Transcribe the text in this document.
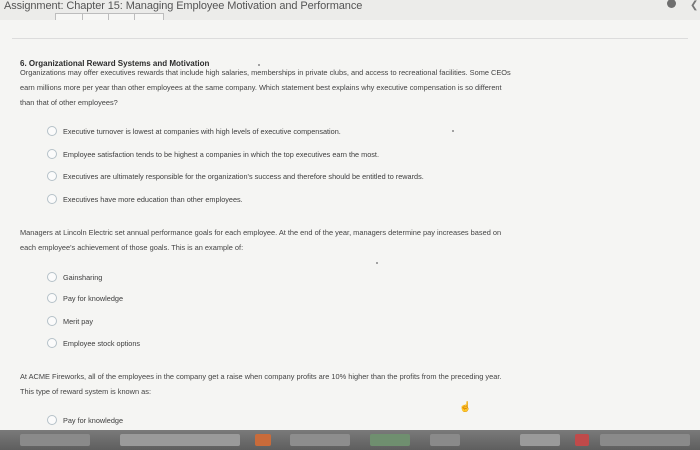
Assignment: Chapter 15: Managing Employee Motivation and Performance	❮
6. Organizational Reward Systems and Motivation
Organizations may offer executives rewards that include high salaries, memberships in private clubs, and access to recreational facilities. Some CEOs
earn millions more per year than other employees at the same company. Which statement best explains why executive compensation is so different
than that of other employees?
Executive turnover is lowest at companies with high levels of executive compensation.
Employee satisfaction tends to be highest a companies in which the top executives earn the most.
Executives are ultimately responsible for the organization's success and therefore should be entitled to rewards.
Executives have more education than other employees.
Managers at Lincoln Electric set annual performance goals for each employee. At the end of the year, managers determine pay increases based on
each employee's achievement of those goals. This is an example of:
Gainsharing
Pay for knowledge
Merit pay
Employee stock options
At ACME Fireworks, all of the employees in the company get a raise when company profits are 10% higher than the profits from the preceding year.
This type of reward system is known as:
Pay for knowledge
☝
